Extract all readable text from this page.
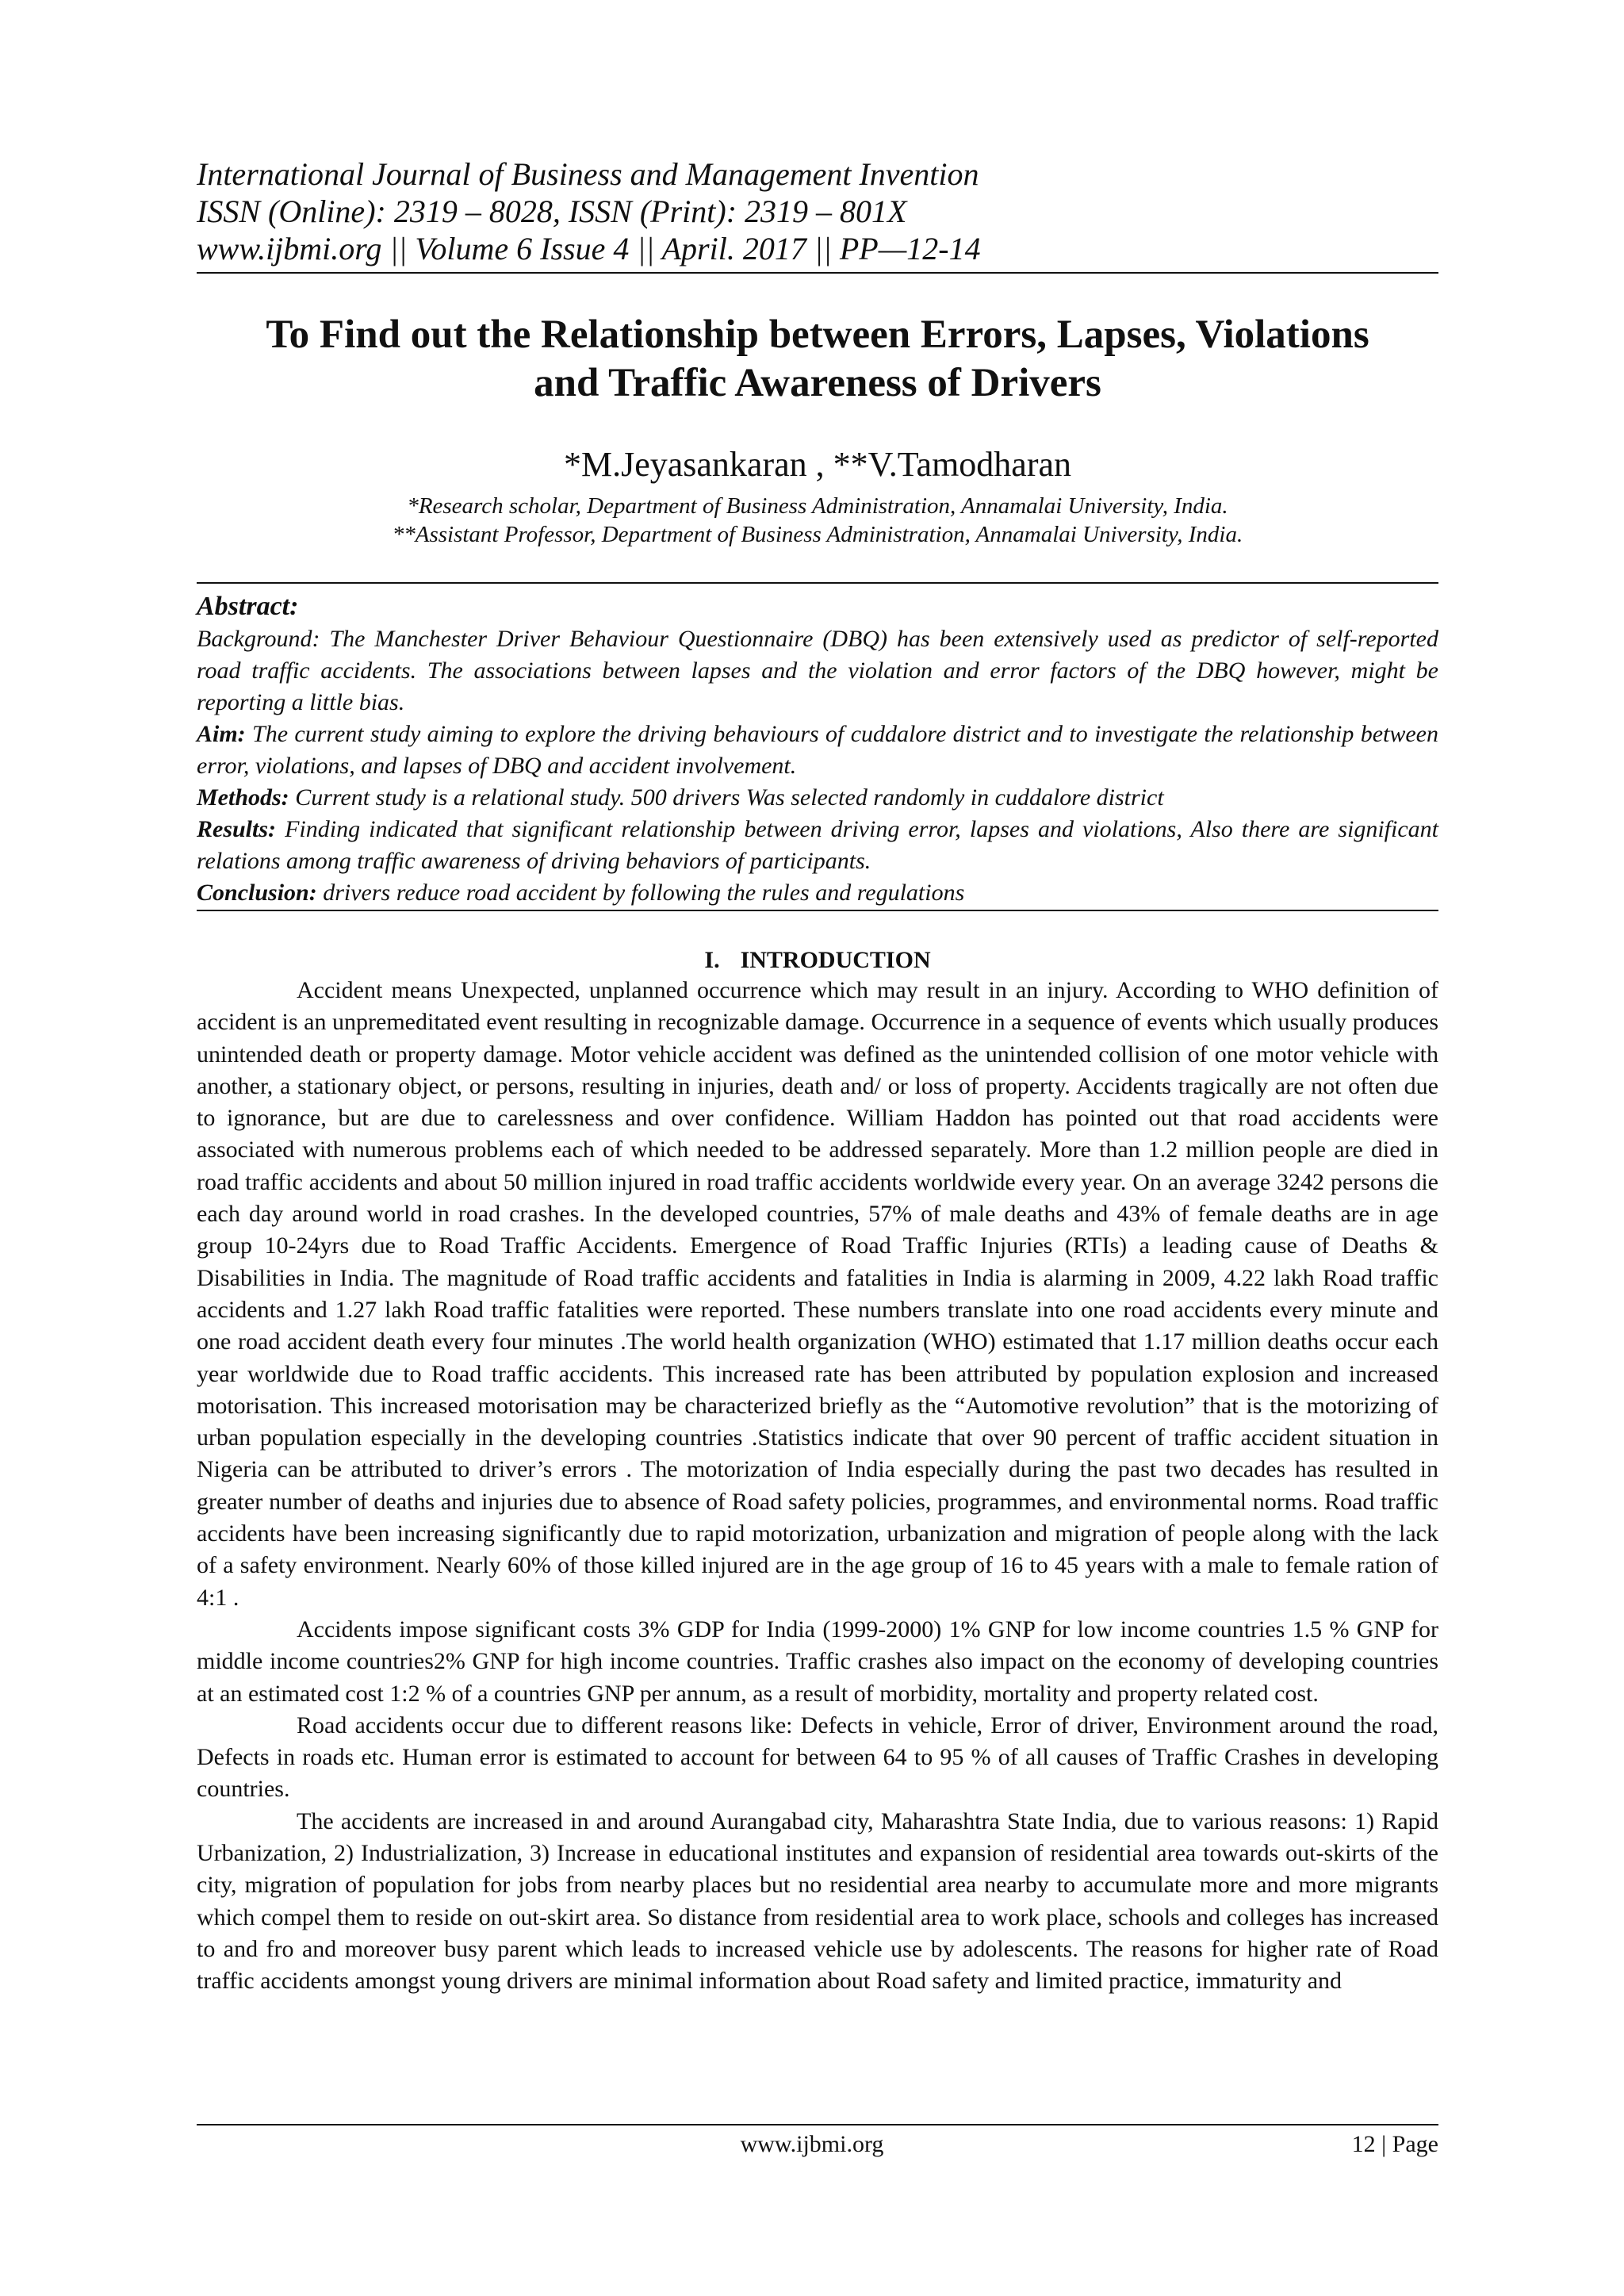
International Journal of Business and Management Invention
ISSN (Online): 2319 – 8028, ISSN (Print): 2319 – 801X
www.ijbmi.org || Volume 6 Issue 4 || April. 2017 || PP—12-14
To Find out the Relationship between Errors, Lapses, Violations
and Traffic Awareness of Drivers
*M.Jeyasankaran , **V.Tamodharan
*Research scholar, Department of Business Administration, Annamalai University, India.
**Assistant Professor, Department of Business Administration, Annamalai University, India.
Abstract:

Background: The Manchester Driver Behaviour Questionnaire (DBQ) has been extensively used as predictor of self-reported road traffic accidents. The associations between lapses and the violation and error factors of the DBQ however, might be reporting a little bias.

Aim: The current study aiming to explore the driving behaviours of cuddalore district and to investigate the relationship between error, violations, and lapses of DBQ and accident involvement.

Methods: Current study is a relational study. 500 drivers Was selected randomly in cuddalore district

Results: Finding indicated that significant relationship between driving error, lapses and violations, Also there are significant relations among traffic awareness of driving behaviors of participants.

Conclusion: drivers reduce road accident by following the rules and regulations

I. INTRODUCTION

Accident means Unexpected, unplanned occurrence which may result in an injury. According to WHO definition of accident is an unpremeditated event resulting in recognizable damage. Occurrence in a sequence of events which usually produces unintended death or property damage. Motor vehicle accident was defined as the unintended collision of one motor vehicle with another, a stationary object, or persons, resulting in injuries, death and/ or loss of property. Accidents tragically are not often due to ignorance, but are due to carelessness and over confidence. William Haddon has pointed out that road accidents were associated with numerous problems each of which needed to be addressed separately. More than 1.2 million people are died in road traffic accidents and about 50 million injured in road traffic accidents worldwide every year. On an average 3242 persons die each day around world in road crashes. In the developed countries, 57% of male deaths and 43% of female deaths are in age group 10-24yrs due to Road Traffic Accidents. Emergence of Road Traffic Injuries (RTIs) a leading cause of Deaths & Disabilities in India. The magnitude of Road traffic accidents and fatalities in India is alarming in 2009, 4.22 lakh Road traffic accidents and 1.27 lakh Road traffic fatalities were reported. These numbers translate into one road accidents every minute and one road accident death every four minutes .The world health organization (WHO) estimated that 1.17 million deaths occur each year worldwide due to Road traffic accidents. This increased rate has been attributed by population explosion and increased motorisation. This increased motorisation may be characterized briefly as the “Automotive revolution” that is the motorizing of urban population especially in the developing countries .Statistics indicate that over 90 percent of traffic accident situation in Nigeria can be attributed to driver’s errors . The motorization of India especially during the past two decades has resulted in greater number of deaths and injuries due to absence of Road safety policies, programmes, and environmental norms. Road traffic accidents have been increasing significantly due to rapid motorization, urbanization and migration of people along with the lack of a safety environment. Nearly 60% of those killed injured are in the age group of 16 to 45 years with a male to female ration of 4:1 .

Accidents impose significant costs 3% GDP for India (1999-2000) 1% GNP for low income countries 1.5 % GNP for middle income countries2% GNP for high income countries. Traffic crashes also impact on the economy of developing countries at an estimated cost 1:2 % of a countries GNP per annum, as a result of morbidity, mortality and property related cost.

Road accidents occur due to different reasons like: Defects in vehicle, Error of driver, Environment around the road, Defects in roads etc. Human error is estimated to account for between 64 to 95 % of all causes of Traffic Crashes in developing countries.

The accidents are increased in and around Aurangabad city, Maharashtra State India, due to various reasons: 1) Rapid Urbanization, 2) Industrialization, 3) Increase in educational institutes and expansion of residential area towards out-skirts of the city, migration of population for jobs from nearby places but no residential area nearby to accumulate more and more migrants which compel them to reside on out-skirt area. So distance from residential area to work place, schools and colleges has increased to and fro and moreover busy parent which leads to increased vehicle use by adolescents. The reasons for higher rate of Road traffic accidents amongst young drivers are minimal information about Road safety and limited practice, immaturity and

www.ijbmi.org	12 | Page
